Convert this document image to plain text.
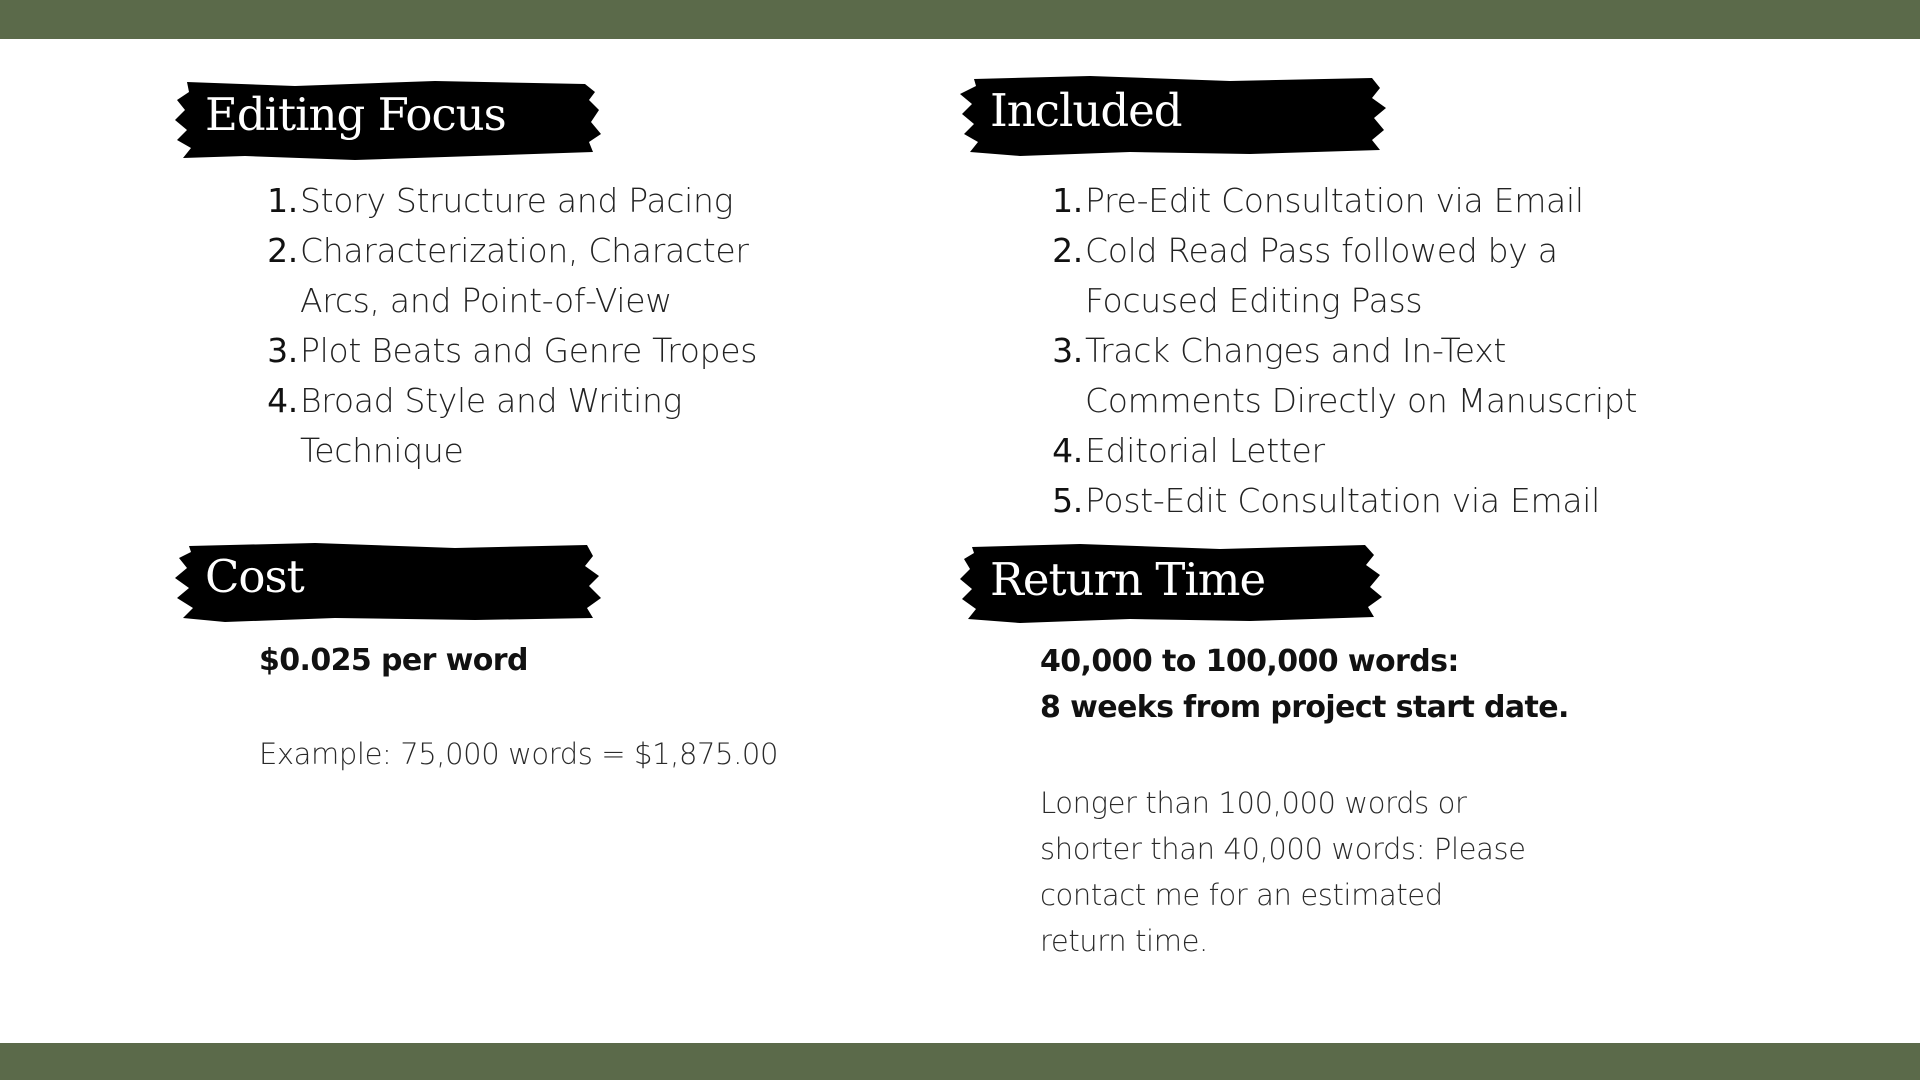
Editing Focus	Included
1. Story Structure and Pacing
2. Characterization, Character
Arcs, and Point-of-View
3. Plot Beats and Genre Tropes
4. Broad Style and Writing
Technique
1. Pre-Edit Consultation via Email
2. Cold Read Pass followed by a
Focused Editing Pass
3. Track Changes and In-Text
Comments Directly on Manuscript
4. Editorial Letter
5. Post-Edit Consultation via Email
Cost	Return Time
$0.025 per word
Example: 75,000 words = $1,875.00
40,000 to 100,000 words:
8 weeks from project start date.
Longer than 100,000 words or
shorter than 40,000 words: Please
contact me for an estimated
return time.
